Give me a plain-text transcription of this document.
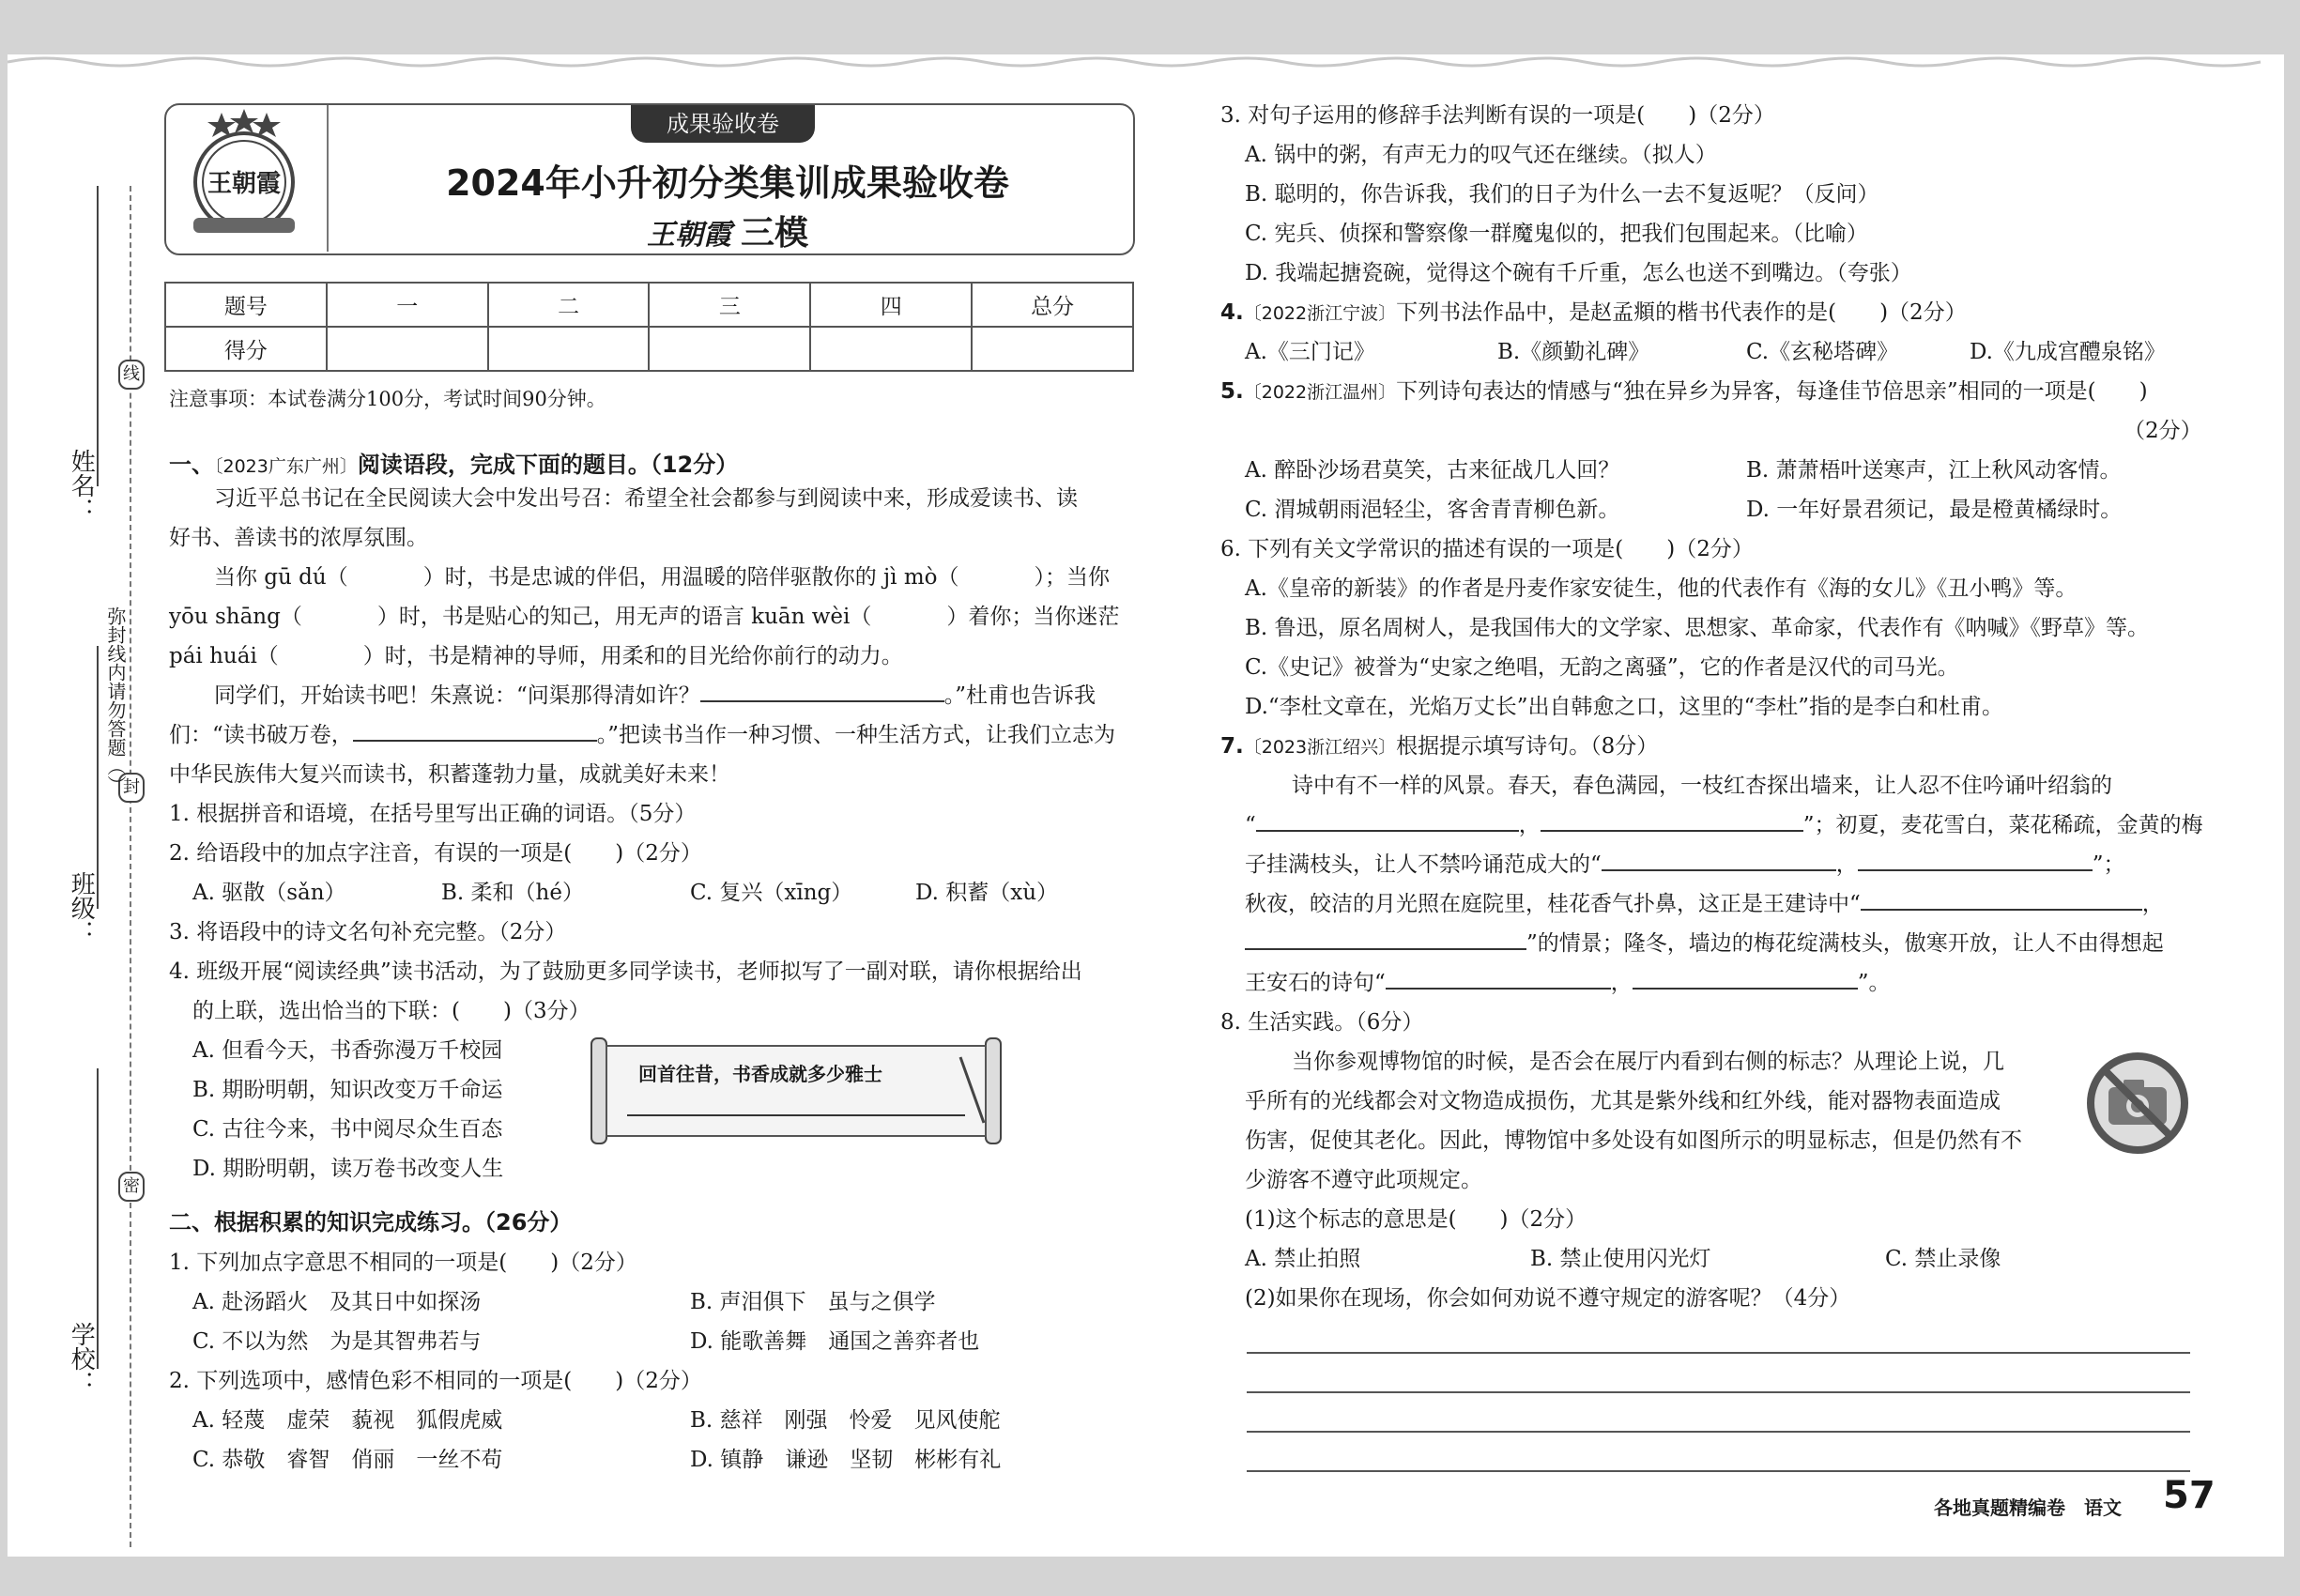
线
封
密
弥封线内请勿答题（）
姓名：
班级：
学校：
成果验收卷
王朝霞	2024年小升初分类集训成果验收卷
王朝霞 三模
题号	一	二	三	四	总分
得分					
注意事项：本试卷满分100分，考试时间90分钟。
一、〔2023广东广州〕阅读语段，完成下面的题目。（12分）
习近平总书记在全民阅读大会中发出号召：希望全社会都参与到阅读中来，形成爱读书、读
好书、善读书的浓厚氛围。
当你 gū dú（	）时，书是忠诚的伴侣，用温暖的陪伴驱散你的 jì mò（	）；当你
yōu shāng（	）时，书是贴心的知己，用无声的语言 kuān wèi（	）着你；当你迷茫
pái huái（	）时，书是精神的导师，用柔和的目光给你前行的动力。
同学们，开始读书吧！朱熹说：“问渠那得清如许？	。”杜甫也告诉我
们：“读书破万卷，	。”把读书当作一种习惯、一种生活方式，让我们立志为
中华民族伟大复兴而读书，积蓄蓬勃力量，成就美好未来！
1. 根据拼音和语境，在括号里写出正确的词语。（5分）
2. 给语段中的加点字注音，有误的一项是(　　)（2分）
A. 驱散（sǎn）	B. 柔和（hé）	C. 复兴（xīng）	D. 积蓄（xù）
3. 将语段中的诗文名句补充完整。（2分）
4. 班级开展“阅读经典”读书活动，为了鼓励更多同学读书，老师拟写了一副对联，请你根据给出
的上联，选出恰当的下联：(　　)（3分）
A. 但看今天，书香弥漫万千校园
B. 期盼明朝，知识改变万千命运
C. 古往今来，书中阅尽众生百态
D. 期盼明朝，读万卷书改变人生
回首往昔，书香成就多少雅士
二、根据积累的知识完成练习。（26分）
1. 下列加点字意思不相同的一项是(　　)（2分）
A. 赴汤蹈火　及其日中如探汤	B. 声泪俱下　虽与之俱学
C. 不以为然　为是其智弗若与	D. 能歌善舞　通国之善弈者也
2. 下列选项中，感情色彩不相同的一项是(　　)（2分）
A. 轻蔑　虚荣　藐视　狐假虎威	B. 慈祥　刚强　怜爱　见风使舵
C. 恭敬　睿智　俏丽　一丝不苟	D. 镇静　谦逊　坚韧　彬彬有礼
3. 对句子运用的修辞手法判断有误的一项是(　　)（2分）
A. 锅中的粥，有声无力的叹气还在继续。（拟人）
B. 聪明的，你告诉我，我们的日子为什么一去不复返呢？（反问）
C. 宪兵、侦探和警察像一群魔鬼似的，把我们包围起来。（比喻）
D. 我端起搪瓷碗，觉得这个碗有千斤重，怎么也送不到嘴边。（夸张）
4.〔2022浙江宁波〕下列书法作品中，是赵孟頫的楷书代表作的是(　　)（2分）
A.《三门记》	B.《颜勤礼碑》	C.《玄秘塔碑》	D.《九成宫醴泉铭》
5.〔2022浙江温州〕下列诗句表达的情感与“独在异乡为异客，每逢佳节倍思亲”相同的一项是(　　)
（2分）
A. 醉卧沙场君莫笑，古来征战几人回？	B. 萧萧梧叶送寒声，江上秋风动客情。
C. 渭城朝雨浥轻尘，客舍青青柳色新。	D. 一年好景君须记，最是橙黄橘绿时。
6. 下列有关文学常识的描述有误的一项是(　　)（2分）
A.《皇帝的新装》的作者是丹麦作家安徒生，他的代表作有《海的女儿》《丑小鸭》等。
B. 鲁迅，原名周树人，是我国伟大的文学家、思想家、革命家，代表作有《呐喊》《野草》等。
C.《史记》被誉为“史家之绝唱，无韵之离骚”，它的作者是汉代的司马光。
D.“李杜文章在，光焰万丈长”出自韩愈之口，这里的“李杜”指的是李白和杜甫。
7.〔2023浙江绍兴〕根据提示填写诗句。（8分）
诗中有不一样的风景。春天，春色满园，一枝红杏探出墙来，让人忍不住吟诵叶绍翁的
“	，	”；初夏，麦花雪白，菜花稀疏，金黄的梅
子挂满枝头，让人不禁吟诵范成大的“	，	”；
秋夜，皎洁的月光照在庭院里，桂花香气扑鼻，这正是王建诗中“	，
”的情景；隆冬，墙边的梅花绽满枝头，傲寒开放，让人不由得想起
王安石的诗句“	，	”。
8. 生活实践。（6分）
当你参观博物馆的时候，是否会在展厅内看到右侧的标志？从理论上说，几
乎所有的光线都会对文物造成损伤，尤其是紫外线和红外线，能对器物表面造成
伤害，促使其老化。因此，博物馆中多处设有如图所示的明显标志，但是仍然有不
少游客不遵守此项规定。
(1)这个标志的意思是(　　)（2分）
A. 禁止拍照	B. 禁止使用闪光灯	C. 禁止录像
(2)如果你在现场，你会如何劝说不遵守规定的游客呢？（4分）
各地真题精编卷　语文 57
